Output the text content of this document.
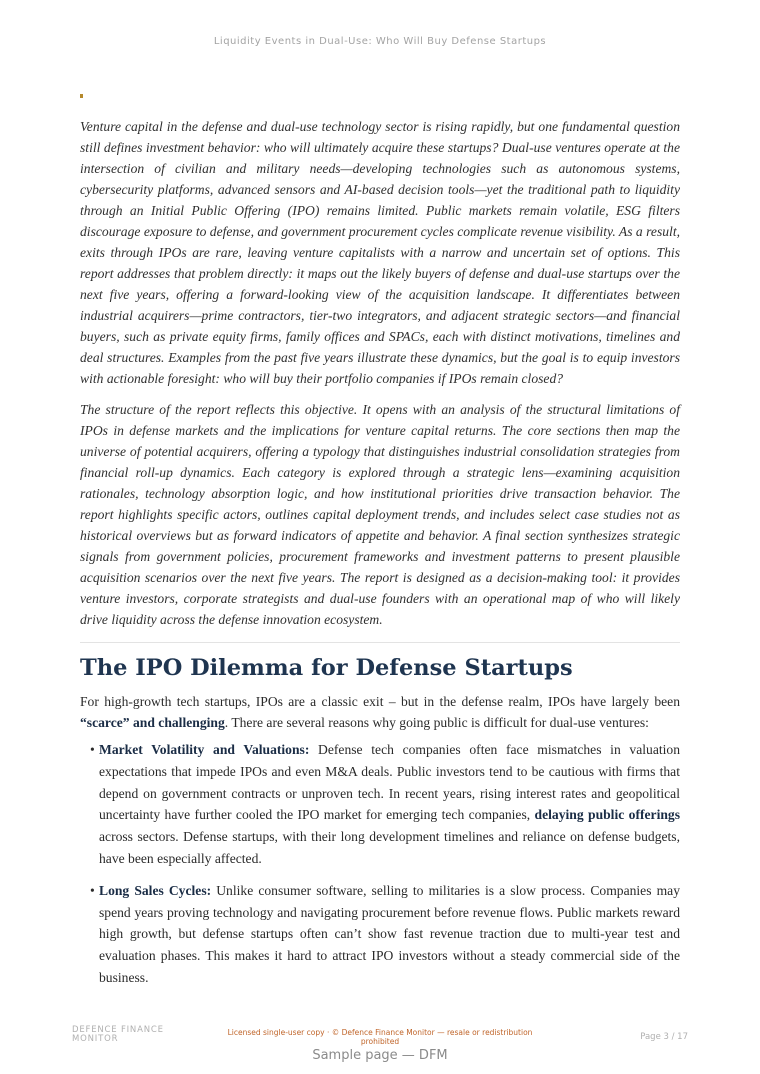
Liquidity Events in Dual-Use: Who Will Buy Defense Startups

Venture capital in the defense and dual-use technology sector is rising rapidly, but one fundamental question still defines investment behavior: who will ultimately acquire these startups? Dual-use ventures operate at the intersection of civilian and military needs—developing technologies such as autonomous systems, cybersecurity platforms, advanced sensors and AI-based decision tools—yet the traditional path to liquidity through an Initial Public Offering (IPO) remains limited. Public markets remain volatile, ESG filters discourage exposure to defense, and government procurement cycles complicate revenue visibility. As a result, exits through IPOs are rare, leaving venture capitalists with a narrow and uncertain set of options. This report addresses that problem directly: it maps out the likely buyers of defense and dual-use startups over the next five years, offering a forward-looking view of the acquisition landscape. It differentiates between industrial acquirers—prime contractors, tier-two integrators, and adjacent strategic sectors—and financial buyers, such as private equity firms, family offices and SPACs, each with distinct motivations, timelines and deal structures. Examples from the past five years illustrate these dynamics, but the goal is to equip investors with actionable foresight: who will buy their portfolio companies if IPOs remain closed?

The structure of the report reflects this objective. It opens with an analysis of the structural limitations of IPOs in defense markets and the implications for venture capital returns. The core sections then map the universe of potential acquirers, offering a typology that distinguishes industrial consolidation strategies from financial roll-up dynamics. Each category is explored through a strategic lens—examining acquisition rationales, technology absorption logic, and how institutional priorities drive transaction behavior. The report highlights specific actors, outlines capital deployment trends, and includes select case studies not as historical overviews but as forward indicators of appetite and behavior. A final section synthesizes strategic signals from government policies, procurement frameworks and investment patterns to present plausible acquisition scenarios over the next five years. The report is designed as a decision-making tool: it provides venture investors, corporate strategists and dual-use founders with an operational map of who will likely drive liquidity across the defense innovation ecosystem.

The IPO Dilemma for Defense Startups

For high-growth tech startups, IPOs are a classic exit – but in the defense realm, IPOs have largely been “scarce” and challenging. There are several reasons why going public is difficult for dual-use ventures:

• Market Volatility and Valuations: Defense tech companies often face mismatches in valuation expectations that impede IPOs and even M&A deals. Public investors tend to be cautious with firms that depend on government contracts or unproven tech. In recent years, rising interest rates and geopolitical uncertainty have further cooled the IPO market for emerging tech companies, delaying public offerings across sectors. Defense startups, with their long development timelines and reliance on defense budgets, have been especially affected.
• Long Sales Cycles: Unlike consumer software, selling to militaries is a slow process. Companies may spend years proving technology and navigating procurement before revenue flows. Public markets reward high growth, but defense startups often can’t show fast revenue traction due to multi-year test and evaluation phases. This makes it hard to attract IPO investors without a steady commercial side of the business.
DEFENCE FINANCE
MONITOR
Licensed single-user copy · © Defence Finance Monitor — resale or redistribution prohibited	Page 3 / 17
Sample page — DFM
